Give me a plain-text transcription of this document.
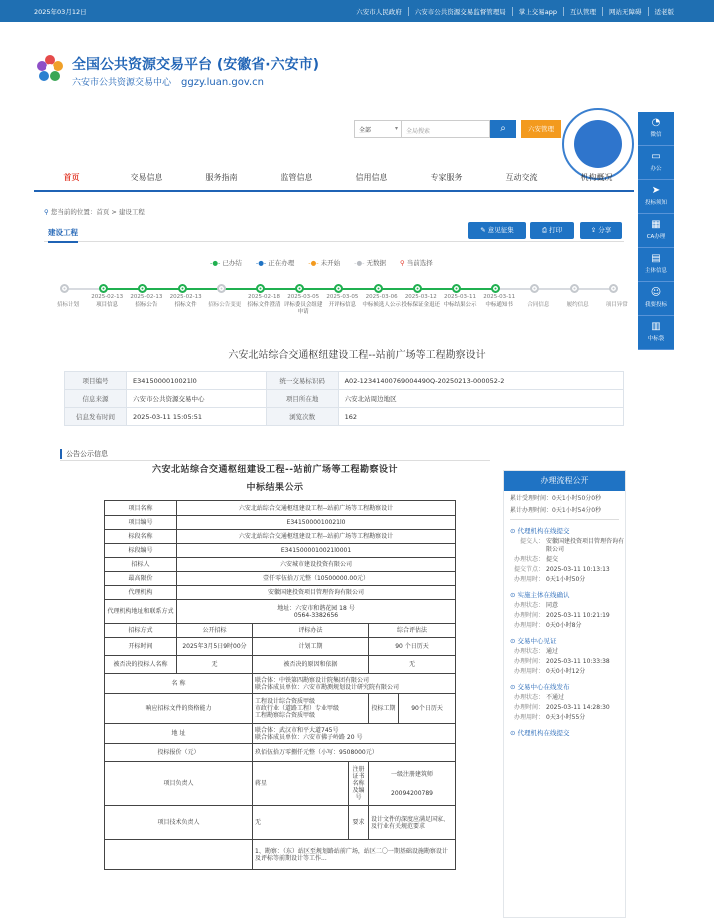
2025年03月12日	六安市人民政府	六安市公共资源交易监督管理局	掌上交易app	互认管理	网站无障碍	适老版
全国公共资源交易平台 (安徽省·六安市)
六安市公共资源交易中心 ggzy.luan.gov.cn
全部 ▾	全局搜索	⌕	六安管理
首页	交易信息	服务指南	监管信息	信用信息	专家服务	互动交流	机构概况
⚲ 您当前的位置：首页 > 建设工程
建设工程	✎ 意见征集	⎙ 打印	⇪ 分享
-●- 已办结 -●- 正在办理 -●- 未开始 -●- 无数据 ⚲ 当前选择
招标计划
2025-02-13
项目信息
2025-02-13
招标公告
2025-02-13
招标文件	招标公告变更
2025-02-18
招标文件澄清
2025-03-05
评标委员会组建申请
2025-03-05
开评标信息
2025-03-06
中标候选人公示
2025-03-12
投标保证金退还
2025-03-11
中标结果公示
2025-03-11
中标通知书	合同信息	履约信息	项目异常
六安北站综合交通枢纽建设工程--站前广场等工程勘察设计
项目编号	E3415000010021l0	统一交易标识码	A02-12341400769004490Q-20250213-000052-2
信息来源	六安市公共资源交易中心	项目所在地	六安北站周边地区
信息发布时间	2025-03-11 15:05:51	浏览次数	162
公告公示信息
六安北站综合交通枢纽建设工程--站前广场等工程勘察设计
中标结果公示
项目名称	六安北站综合交通枢纽建设工程--站前广场等工程勘察设计				
项目编号	E3415000010021l0				
标段名称	六安北站综合交通枢纽建设工程--站前广场等工程勘察设计				
标段编号	E3415000010021l0001				
招标人	六安城市建设投资有限公司				
最高限价	壹仟零伍拾万元整（10500000.00元）				
代理机构	安徽国建投资项目管理咨询有限公司				
代理机构地址和联系方式	地址：六安市和谐花园 18 号
0564-3382656				

招标方式	公开招标	评标办法		综合评估法	
开标时间	2025年3月5日9时00分	计划工期		90 个日历天	
被否决的投标人名称	无	被否决的原因和依据		无	
名 称		联合体：中铁第四勘察设计院集团有限公司
联合体成员单位：六安市勘测规划设计研究院有限公司			

响应招标文件的资格能力		工程设计综合资质甲级
市政行业（道路工程）专业甲级
工程勘察综合资质甲级		投标工期	90个日历天
地 址		联合体：武汉市和平大道745号
联合体成员单位：六安市佛子岭路 20 号			

投标报价（元）		玖佰伍拾万零捌仟元整（小写：9508000元）			
项目负责人		蒋星	注册证书名称及编号	一级注册建筑师
20094200789	

项目技术负责人		无	要求	设计文件的深度应满足国家、及行业有关规范要求	
		1、勘察：（东）站区至规划路站前广场，站区二〇一期基础设施勘察设计及评标等前期设计等工作...			
◔
微信
▭
办公
➤
投标须知
▦
CA办理
▤
主体信息
☺
我要投标
▥
中标袋
办理流程公开
累计受理时间：0天1小时50分0秒
累计办理时间：0天1小时54分0秒
⊙ 代理机构在线提交
提交人： 安徽国建投资项目管理咨询有限公司
办理状态： 提交
提交节点： 2025-03-11 10:13:13
办理用时： 0天1小时50分
⊙ 实施主体在线确认
办理状态： 同意
办理时间： 2025-03-11 10:21:19
办理用时： 0天0小时8分
⊙ 交易中心见证
办理状态： 通过
办理时间： 2025-03-11 10:33:38
办理用时： 0天0小时12分
⊙ 交易中心在线发布
办理状态： 不通过
办理时间： 2025-03-11 14:28:30
办理用时： 0天3小时55分
⊙ 代理机构在线提交
